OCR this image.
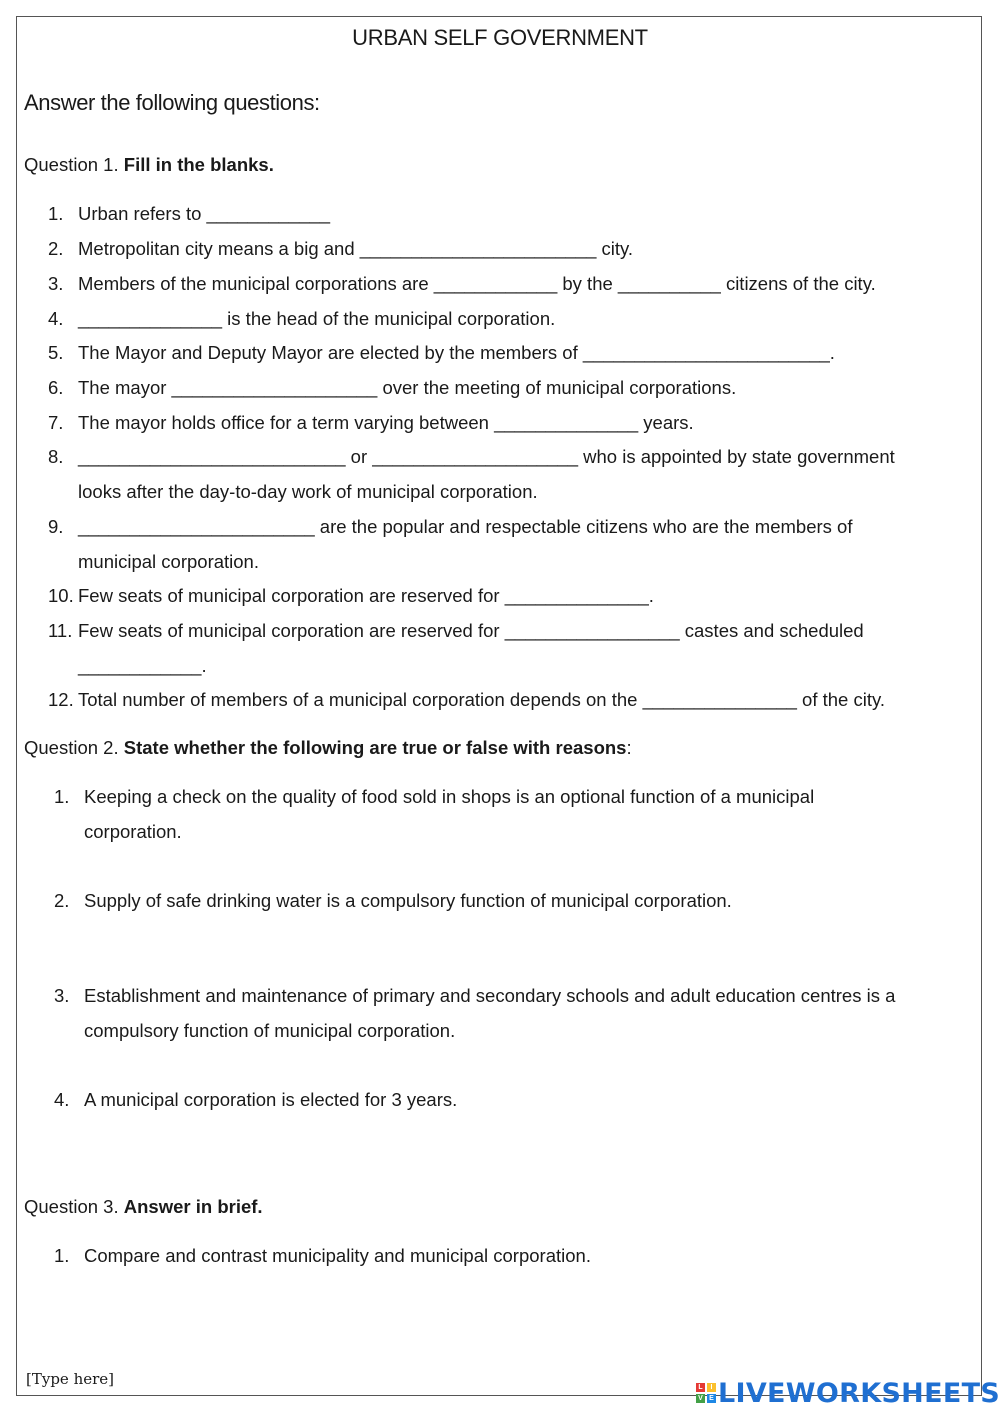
URBAN SELF GOVERNMENT
Answer the following questions:
Question 1. Fill in the blanks.
1. Urban refers to ____________
2. Metropolitan city means a big and _______________________ city.
3. Members of the municipal corporations are ____________ by the __________ citizens of the city.
4. ______________ is the head of the municipal corporation.
5. The Mayor and Deputy Mayor are elected by the members of ________________________.
6. The mayor ____________________ over the meeting of municipal corporations.
7. The mayor holds office for a term varying between ______________ years.
8. __________________________ or ____________________ who is appointed by state government
looks after the day-to-day work of municipal corporation.
9. _______________________ are the popular and respectable citizens who are the members of
municipal corporation.
10. Few seats of municipal corporation are reserved for ______________.
11. Few seats of municipal corporation are reserved for _________________ castes and scheduled
____________.
12. Total number of members of a municipal corporation depends on the _______________ of the city.
Question 2. State whether the following are true or false with reasons:
1. Keeping a check on the quality of food sold in shops is an optional function of a municipal
corporation.
2. Supply of safe drinking water is a compulsory function of municipal corporation.
3. Establishment and maintenance of primary and secondary schools and adult education centres is a
compulsory function of municipal corporation.
4. A municipal corporation is elected for 3 years.
Question 3. Answer in brief.
1. Compare and contrast municipality and municipal corporation.
[Type here]	L	I
V E LIVEWORKSHEETS
